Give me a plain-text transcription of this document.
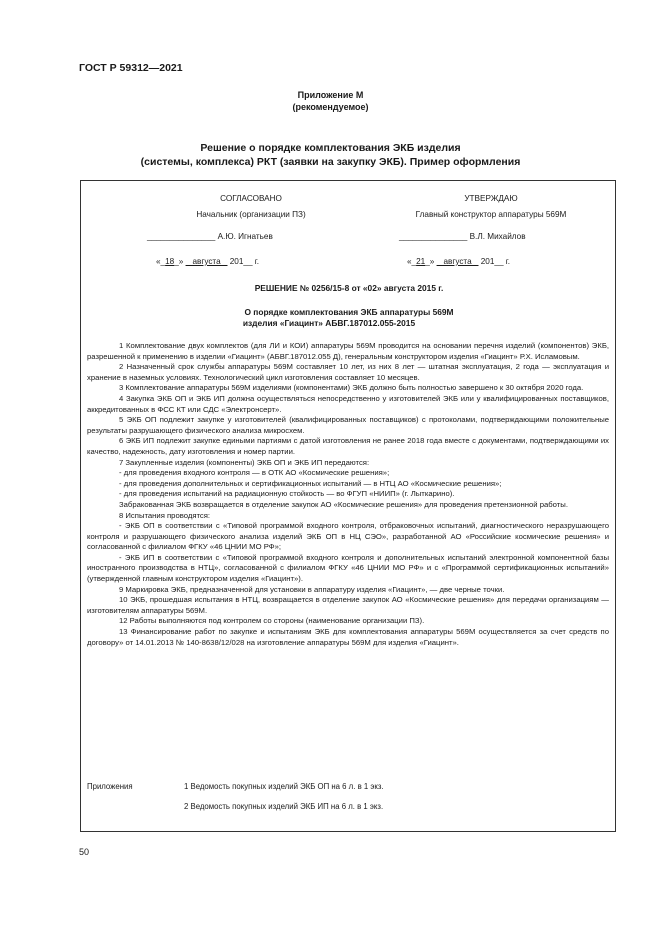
ГОСТ Р 59312—2021
Приложение М
(рекомендуемое)
Решение о порядке комплектования ЭКБ изделия
(системы, комплекса) РКТ (заявки на закупку ЭКБ). Пример оформления
СОГЛАСОВАНО
Начальник (организации ПЗ)
_______________ А.Ю. Игнатьев
«_18_» _ августа _ 201__ г.
УТВЕРЖДАЮ
Главный конструктор аппаратуры 569М
_______________ В.Л. Михайлов
«_21_» _ августа _ 201__ г.
РЕШЕНИЕ № 0256/15-8 от «02» августа 2015 г.
О порядке комплектования ЭКБ аппаратуры 569М
изделия «Гиацинт» АБВГ.187012.055-2015

1 Комплектование двух комплектов (для ЛИ и КОИ) аппаратуры 569М проводится на основании перечня изделий (компонентов) ЭКБ, разрешенной к применению в изделии «Гиацинт» (АБВГ.187012.055 Д), генеральным конструктором изделия «Гиацинт» Р.Х. Исламовым.

2 Назначенный срок службы аппаратуры 569М составляет 10 лет, из них 8 лет — штатная эксплуатация, 2 года — эксплуатация и хранение в наземных условиях. Технологический цикл изготовления составляет 10 месяцев.

3 Комплектование аппаратуры 569М изделиями (компонентами) ЭКБ должно быть полностью завершено к 30 октября 2020 года.

4 Закупка ЭКБ ОП и ЭКБ ИП должна осуществляться непосредственно у изготовителей ЭКБ или у квалифицированных поставщиков, аккредитованных в ФСС КТ или СДС «Электронсерт».

5 ЭКБ ОП подлежит закупке у изготовителей (квалифицированных поставщиков) с протоколами, подтверждающими положительные результаты разрушающего физического анализа микросхем.

6 ЭКБ ИП подлежит закупке едиными партиями с датой изготовления не ранее 2018 года вместе с документами, подтверждающими их качество, надежность, дату изготовления и номер партии.

7 Закупленные изделия (компоненты) ЭКБ ОП и ЭКБ ИП передаются:

- для проведения входного контроля — в ОТК АО «Космические решения»;

- для проведения дополнительных и сертификационных испытаний — в НТЦ АО «Космические решения»;

- для проведения испытаний на радиационную стойкость — во ФГУП «НИИП» (г. Лыткарино).

Забракованная ЭКБ возвращается в отделение закупок АО «Космические решения» для проведения претензионной работы.

8 Испытания проводятся:

- ЭКБ ОП в соответствии с «Типовой программой входного контроля, отбраковочных испытаний, диагностического неразрушающего контроля и разрушающего физического анализа изделий ЭКБ ОП в НЦ СЭО», разработанной АО «Российские космические решения» и согласованной с филиалом ФГКУ «46 ЦНИИ МО РФ»;

- ЭКБ ИП в соответствии с «Типовой программой входного контроля и дополнительных испытаний электронной компонентной базы иностранного производства в НТЦ», согласованной с филиалом ФГКУ «46 ЦНИИ МО РФ» и с «Программой сертификационных испытаний» (утвержденной главным конструктором изделия «Гиацинт»).

9 Маркировка ЭКБ, предназначенной для установки в аппаратуру изделия «Гиацинт», — две черные точки.

10 ЭКБ, прошедшая испытания в НТЦ, возвращается в отделение закупок АО «Космические решения» для передачи организациям — изготовителям аппаратуры 569М.

12 Работы выполняются под контролем со стороны (наименование организации ПЗ).

13 Финансирование работ по закупке и испытаниям ЭКБ для комплектования аппаратуры 569М осуществляется за счет средств по договору» от 14.01.2013 № 140-8638/12/028 на изготовление аппаратуры 569М для изделия «Гиацинт».

Приложения	1 Ведомость покупных изделий ЭКБ ОП на 6 л. в 1 экз.
2 Ведомость покупных изделий ЭКБ ИП на 6 л. в 1 экз.
50
